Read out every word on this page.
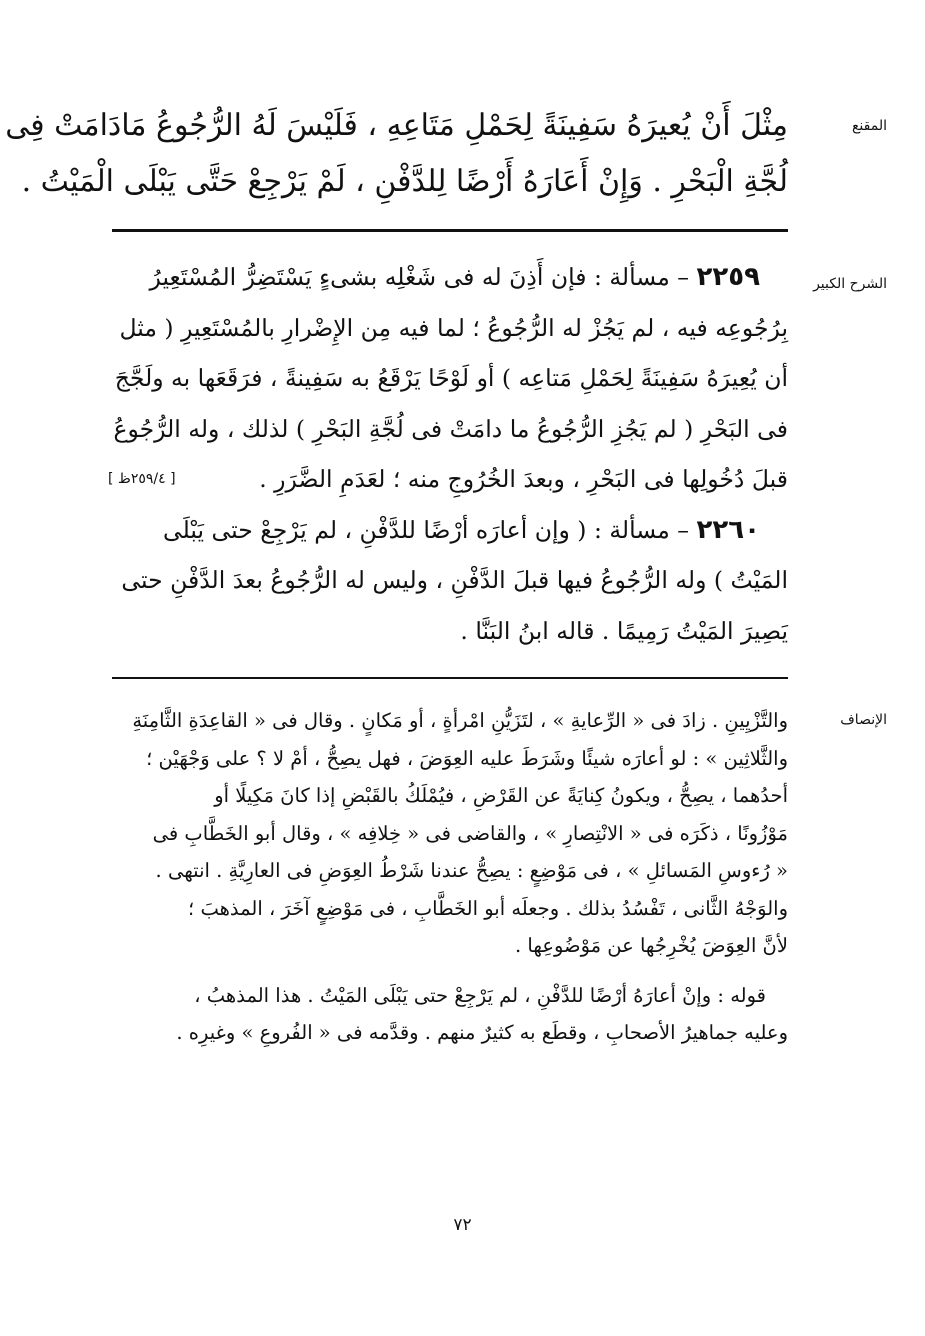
المقنع
مِثْلَ أَنْ يُعيرَهُ سَفِينَةً لِحَمْلِ مَتَاعِهِ ، فَلَيْسَ لَهُ الرُّجُوعُ مَادَامَتْ فِى
لُجَّةِ الْبَحْرِ . وَإِنْ أَعَارَهُ أَرْضًا لِلدَّفْنِ ، لَمْ يَرْجِعْ حَتَّى يَبْلَى الْمَيْتُ .
الشرح الكبير
٢٢٥٩ – مسألة : فإن أَذِنَ له فى شَغْلِه بشىءٍ يَسْتَضِرُّ المُسْتَعِيرُ
بِرُجُوعِه فيه ، لم يَجُزْ له الرُّجُوعُ ؛ لما فيه مِن الإِضْرارِ بالمُسْتَعِيرِ ( مثل
أن يُعِيرَهُ سَفِينَةً لِحَمْلِ مَتاعِه ) أو لَوْحًا يَرْقَعُ به سَفِينةً ، فرَقَعَها به ولَجَّجَ
فى البَحْرِ ( لم يَجُزِ الرُّجُوعُ ما دامَتْ فى لُجَّةِ البَحْرِ ) لذلك ، وله الرُّجُوعُ
قبلَ دُخُولِها فى البَحْرِ ، وبعدَ الخُرُوجِ منه ؛ لعَدَمِ الضَّرَرِ .
[ ٢٥٩/٤ظ ]
٢٢٦٠ – مسألة : ( وإن أعارَه أرْضًا للدَّفْنِ ، لم يَرْجِعْ حتى يَبْلَى
المَيْتُ ) وله الرُّجُوعُ فيها قبلَ الدَّفْنِ ، وليس له الرُّجُوعُ بعدَ الدَّفْنِ حتى
يَصِيرَ المَيْتُ رَمِيمًا . قاله ابنُ البَنَّا .
الإنصاف
والتَّزْيِينِ . زادَ فى « الرِّعايةِ » ، لتَزَيُّنِ امْرأةٍ ، أو مَكانٍ . وقال فى « القاعِدَةِ الثَّامِنَةِ
والثَّلاثِين » : لو أعارَه شيئًا وشَرَطَ عليه العِوَضَ ، فهل يصِحُّ ، أمْ لا ؟ على وَجْهَيْن ؛
أحدُهما ، يصِحُّ ، ويكونُ كِنايَةً عن القَرْضِ ، فيُمْلَكُ بالقَبْضِ إذا كانَ مَكِيلًا أو
مَوْزُونًا ، ذكَرَه فى « الانْتِصارِ » ، والقاضى فى « خِلافِه » ، وقال أبو الخَطَّابِ فى
« رُءوسِ المَسائلِ » ، فى مَوْضِعٍ : يصِحُّ عندنا شَرْطُ العِوَضِ فى العارِيَّةِ . انتهى .
والوَجْهُ الثَّانى ، تَفْسُدُ بذلك . وجعلَه أبو الخَطَّابِ ، فى مَوْضِعٍ آخَرَ ، المذهبَ ؛
لأنَّ العِوَضَ يُخْرِجُها عن مَوْضُوعِها .
قوله : وإنْ أعارَهُ أرْضًا للدَّفْنِ ، لم يَرْجِعْ حتى يَبْلَى المَيْتُ . هذا المذهبُ ،
وعليه جماهيرُ الأصحابِ ، وقطَع به كثيرٌ منهم . وقدَّمه فى « الفُروعِ » وغيرِه .
٧٢
